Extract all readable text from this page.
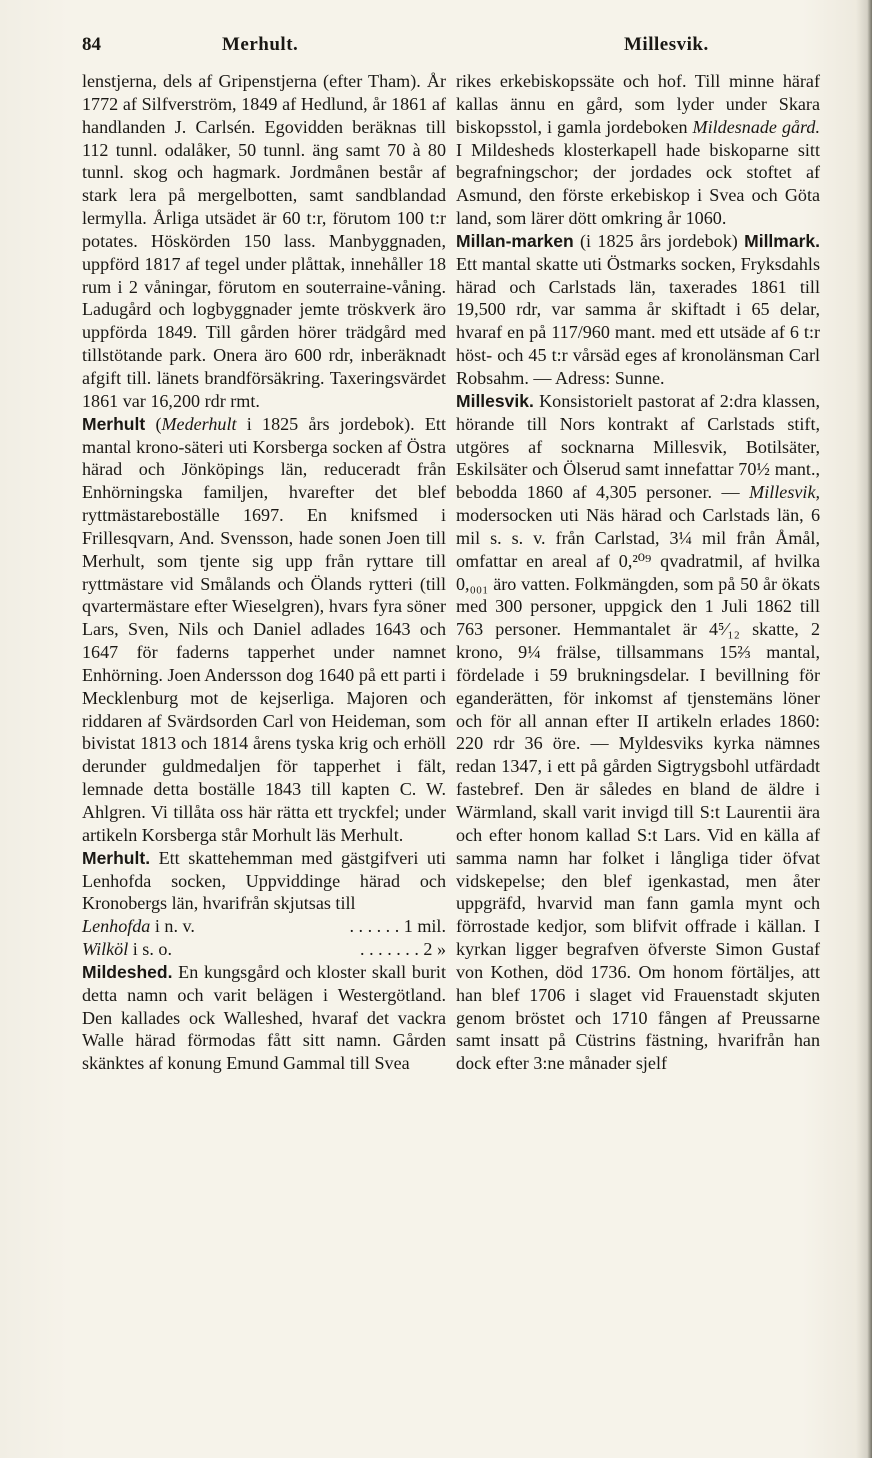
84	Merhult.	Millesvik.

lenstjerna, dels af Gripenstjerna (efter Tham). År 1772 af Silfverström, 1849 af Hedlund, år 1861 af handlanden J. Carlsén. Egovidden beräknas till 112 tunnl. odalåker, 50 tunnl. äng samt 70 à 80 tunnl. skog och hagmark. Jordmånen består af stark lera på mergelbotten, samt sandblandad lermylla. Årliga utsädet är 60 t:r, förutom 100 t:r potates. Höskörden 150 lass. Manbyggnaden, uppförd 1817 af tegel under plåttak, innehåller 18 rum i 2 våningar, förutom en souterraine-våning. Ladugård och logbyggnader jemte tröskverk äro uppförda 1849. Till gården hörer trädgård med tillstötande park. Onera äro 600 rdr, inberäknadt afgift till. länets brandförsäkring. Taxeringsvärdet 1861 var 16,200 rdr rmt.

Merhult (Mederhult i 1825 års jordebok). Ett mantal krono-säteri uti Korsberga socken af Östra härad och Jönköpings län, reduceradt från Enhörningska familjen, hvarefter det blef ryttmästareboställe 1697. En knifsmed i Frillesqvarn, And. Svensson, hade sonen Joen till Merhult, som tjente sig upp från ryttare till ryttmästare vid Smålands och Ölands rytteri (till qvartermästare efter Wieselgren), hvars fyra söner Lars, Sven, Nils och Daniel adlades 1643 och 1647 för faderns tapperhet under namnet Enhörning. Joen Andersson dog 1640 på ett parti i Mecklenburg mot de kejserliga. Majoren och riddaren af Svärdsorden Carl von Heideman, som bivistat 1813 och 1814 årens tyska krig och erhöll derunder guldmedaljen för tapperhet i fält, lemnade detta boställe 1843 till kapten C. W. Ahlgren. Vi tillåta oss här rätta ett tryckfel; under artikeln Korsberga står Morhult läs Merhult.

Merhult. Ett skattehemman med gästgifveri uti Lenhofda socken, Uppviddinge härad och Kronobergs län, hvarifrån skjutsas till

Lenhofda i n. v.	. . . . . . 1 mil.
Wilköl i s. o.	. . . . . . . 2 »

Mildeshed. En kungsgård och kloster skall burit detta namn och varit belägen i Westergötland. Den kallades ock Walleshed, hvaraf det vackra Walle härad förmodas fått sitt namn. Gården skänktes af konung Emund Gammal till Svea

rikes erkebiskopssäte och hof. Till minne häraf kallas ännu en gård, som lyder under Skara biskopsstol, i gamla jordeboken Mildesnade gård. I Mildesheds klosterkapell hade biskoparne sitt begrafningschor; der jordades ock stoftet af Asmund, den förste erkebiskop i Svea och Göta land, som lärer dött omkring år 1060.

Millan-marken (i 1825 års jordebok) Millmark. Ett mantal skatte uti Östmarks socken, Fryksdahls härad och Carlstads län, taxerades 1861 till 19,500 rdr, var samma år skiftadt i 65 delar, hvaraf en på 117/960 mant. med ett utsäde af 6 t:r höst- och 45 t:r vårsäd eges af kronolänsman Carl Robsahm. — Adress: Sunne.

Millesvik. Konsistorielt pastorat af 2:dra klassen, hörande till Nors kontrakt af Carlstads stift, utgöres af socknarna Millesvik, Botilsäter, Eskilsäter och Ölserud samt innefattar 70½ mant., bebodda 1860 af 4,305 personer. — Millesvik, modersocken uti Näs härad och Carlstads län, 6 mil s. s. v. från Carlstad, 3¼ mil från Åmål, omfattar en areal af 0,²⁰⁹ qvadratmil, af hvilka 0,₀₀₁ äro vatten. Folkmängden, som på 50 år ökats med 300 personer, uppgick den 1 Juli 1862 till 763 personer. Hemmantalet är 4⁵⁄₁₂ skatte, 2 krono, 9¼ frälse, tillsammans 15⅔ mantal, fördelade i 59 brukningsdelar. I bevillning för eganderätten, för inkomst af tjenstemäns löner och för all annan efter II artikeln erlades 1860: 220 rdr 36 öre. — Myldesviks kyrka nämnes redan 1347, i ett på gården Sigtrygsbohl utfärdadt fastebref. Den är således en bland de äldre i Wärmland, skall varit invigd till S:t Laurentii ära och efter honom kallad S:t Lars. Vid en källa af samma namn har folket i långliga tider öfvat vidskepelse; den blef igenkastad, men åter uppgräfd, hvarvid man fann gamla mynt och förrostade kedjor, som blifvit offrade i källan. I kyrkan ligger begrafven öfverste Simon Gustaf von Kothen, död 1736. Om honom förtäljes, att han blef 1706 i slaget vid Frauenstadt skjuten genom bröstet och 1710 fången af Preussarne samt insatt på Cüstrins fästning, hvarifrån han dock efter 3:ne månader sjelf
